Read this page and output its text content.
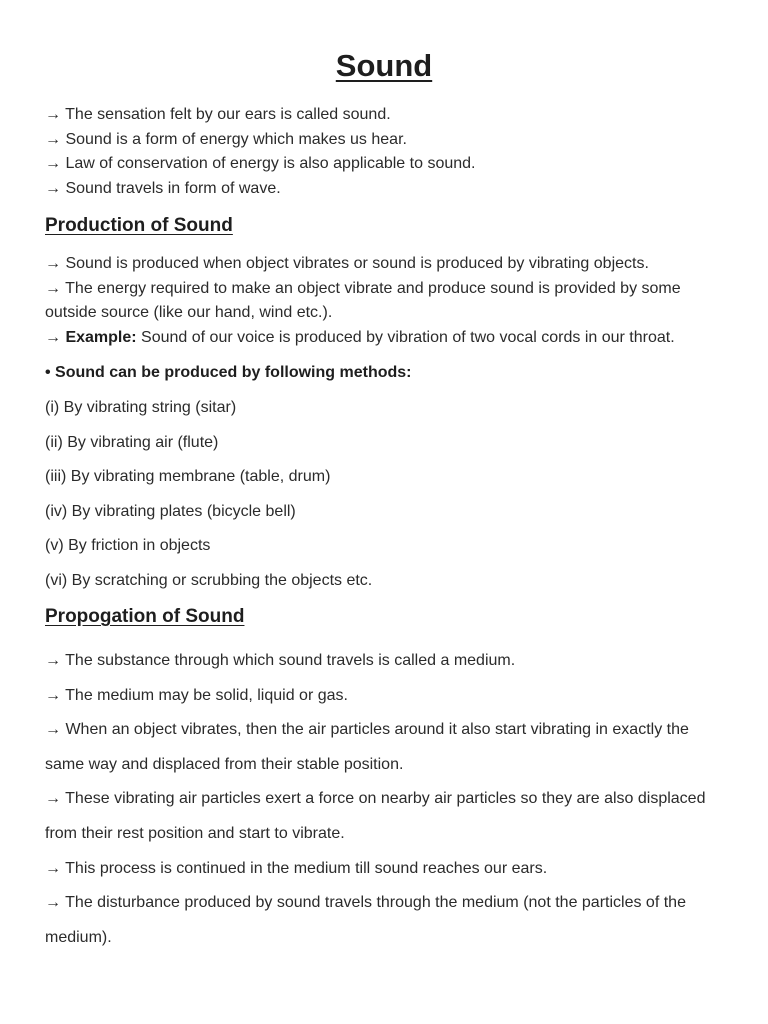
Sound

→ The sensation felt by our ears is called sound.

→ Sound is a form of energy which makes us hear.

→ Law of conservation of energy is also applicable to sound.

→ Sound travels in form of wave.

Production of Sound

→ Sound is produced when object vibrates or sound is produced by vibrating objects.

→ The energy required to make an object vibrate and produce sound is provided by some outside source (like our hand, wind etc.).

→ Example: Sound of our voice is produced by vibration of two vocal cords in our throat.

• Sound can be produced by following methods:

(i) By vibrating string (sitar)
(ii) By vibrating air (flute)
(iii) By vibrating membrane (table, drum)
(iv) By vibrating plates (bicycle bell)
(v) By friction in objects
(vi) By scratching or scrubbing the objects etc.
Propogation of Sound

→ The substance through which sound travels is called a medium.

→ The medium may be solid, liquid or gas.

→ When an object vibrates, then the air particles around it also start vibrating in exactly the same way and displaced from their stable position.

→ These vibrating air particles exert a force on nearby air particles so they are also displaced from their rest position and start to vibrate.

→ This process is continued in the medium till sound reaches our ears.

→ The disturbance produced by sound travels through the medium (not the particles of the medium).
